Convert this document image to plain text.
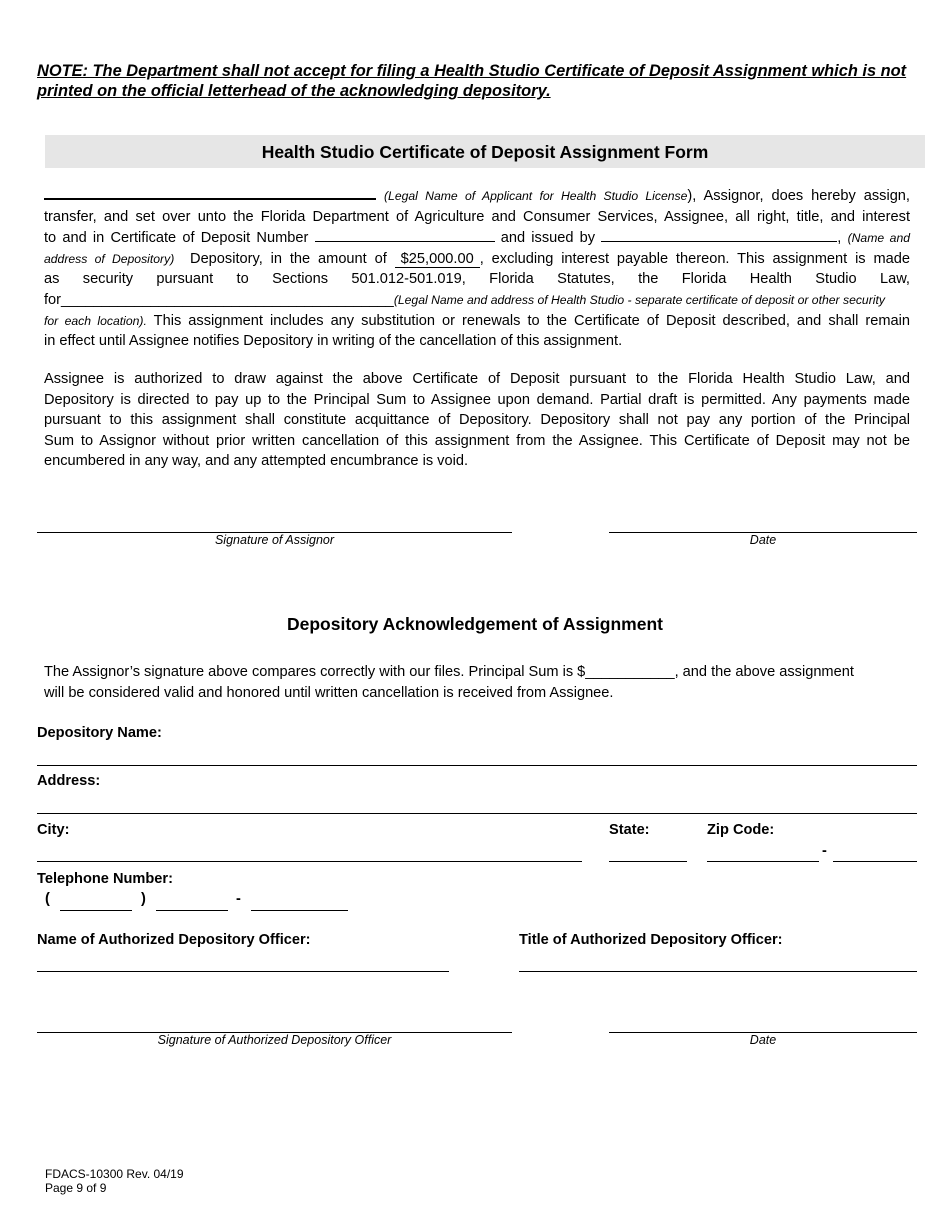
NOTE: The Department shall not accept for filing a Health Studio Certificate of Deposit Assignment which is not printed on the official letterhead of the acknowledging depository.
Health Studio Certificate of Deposit Assignment Form
(Legal Name of Applicant for Health Studio License), Assignor, does hereby assign,
transfer, and set over unto the Florida Department of Agriculture and Consumer Services, Assignee, all right, title, and interest
to and in Certificate of Deposit Number	and issued by	, (Name and
address of Depository) Depository, in the amount of $25,000.00 , excluding interest payable thereon. This assignment is made
as security pursuant to Sections 501.012-501.019, Florida Statutes, the Florida Health Studio Law,
for_________________________________________(Legal Name and address of Health Studio - separate certificate of deposit or other security
for each location). This assignment includes any substitution or renewals to the Certificate of Deposit described, and shall remain
in effect until Assignee notifies Depository in writing of the cancellation of this assignment.
Assignee is authorized to draw against the above Certificate of Deposit pursuant to the Florida Health Studio Law, and
Depository is directed to pay up to the Principal Sum to Assignee upon demand. Partial draft is permitted. Any payments made
pursuant to this assignment shall constitute acquittance of Depository. Depository shall not pay any portion of the Principal
Sum to Assignor without prior written cancellation of this assignment from the Assignee. This Certificate of Deposit may not be
encumbered in any way, and any attempted encumbrance is void.
Signature of Assignor	Date
Depository Acknowledgement of Assignment
The Assignor’s signature above compares correctly with our files. Principal Sum is $___________, and the above assignment
will be considered valid and honored until written cancellation is received from Assignee.
Depository Name:
Address:
City:	State:	Zip Code:
-
Telephone Number:
(	)	-
Name of Authorized Depository Officer:	Title of Authorized Depository Officer:
Signature of Authorized Depository Officer	Date
FDACS-10300 Rev. 04/19
Page 9 of 9
